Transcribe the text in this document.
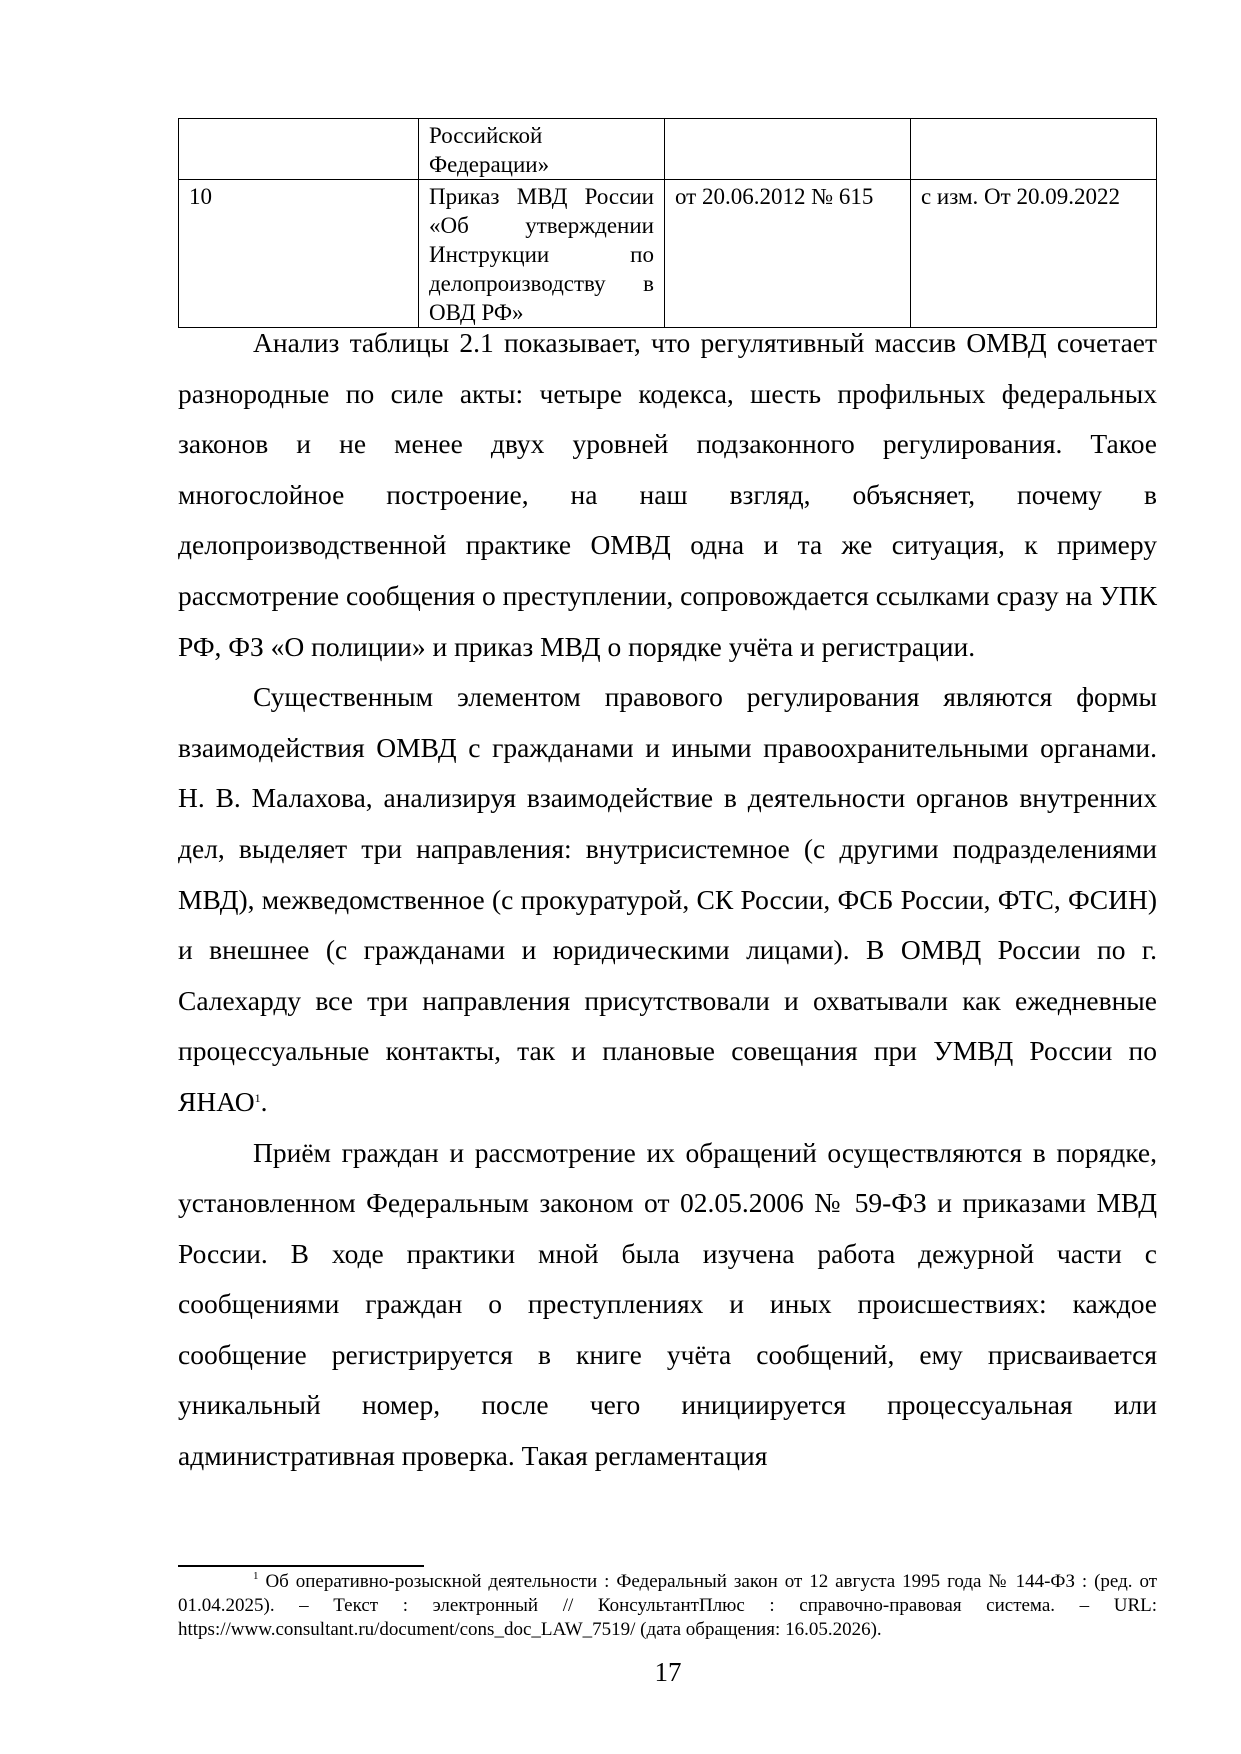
	Российской Федерации»		
10	Приказ МВД России «Об утверждении Инструкции по делопроизводству в ОВД РФ»	от 20.06.2012 № 615	с изм. От 20.09.2022

Анализ таблицы 2.1 показывает, что регулятивный массив ОМВД сочетает разнородные по силе акты: четыре кодекса, шесть профильных федеральных законов и не менее двух уровней подзаконного регулирования. Такое многослойное построение, на наш взгляд, объясняет, почему в делопроизводственной практике ОМВД одна и та же ситуация, к примеру рассмотрение сообщения о преступлении, сопровождается ссылками сразу на УПК РФ, ФЗ «О полиции» и приказ МВД о порядке учёта и регистрации.

Существенным элементом правового регулирования являются формы взаимодействия ОМВД с гражданами и иными правоохранительными органами. Н. В. Малахова, анализируя взаимодействие в деятельности органов внутренних дел, выделяет три направления: внутрисистемное (с другими подразделениями МВД), межведомственное (с прокуратурой, СК России, ФСБ России, ФТС, ФСИН) и внешнее (с гражданами и юридическими лицами). В ОМВД России по г. Салехарду все три направления присутствовали и охватывали как ежедневные процессуальные контакты, так и плановые совещания при УМВД России по ЯНАО$^1$.

Приём граждан и рассмотрение их обращений осуществляются в порядке, установленном Федеральным законом от 02.05.2006 № 59-ФЗ и приказами МВД России. В ходе практики мной была изучена работа дежурной части с сообщениями граждан о преступлениях и иных происшествиях: каждое сообщение регистрируется в книге учёта сообщений, ему присваивается уникальный номер, после чего инициируется процессуальная или административная проверка. Такая регламентация

$^1$ Об оперативно-розыскной деятельности : Федеральный закон от 12 августа 1995 года № 144-ФЗ : (ред. от 01.04.2025). – Текст : электронный // КонсультантПлюс : справочно-правовая система. – URL: https://www.consultant.ru/document/cons_doc_LAW_7519/ (дата обращения: 16.05.2026).

17
